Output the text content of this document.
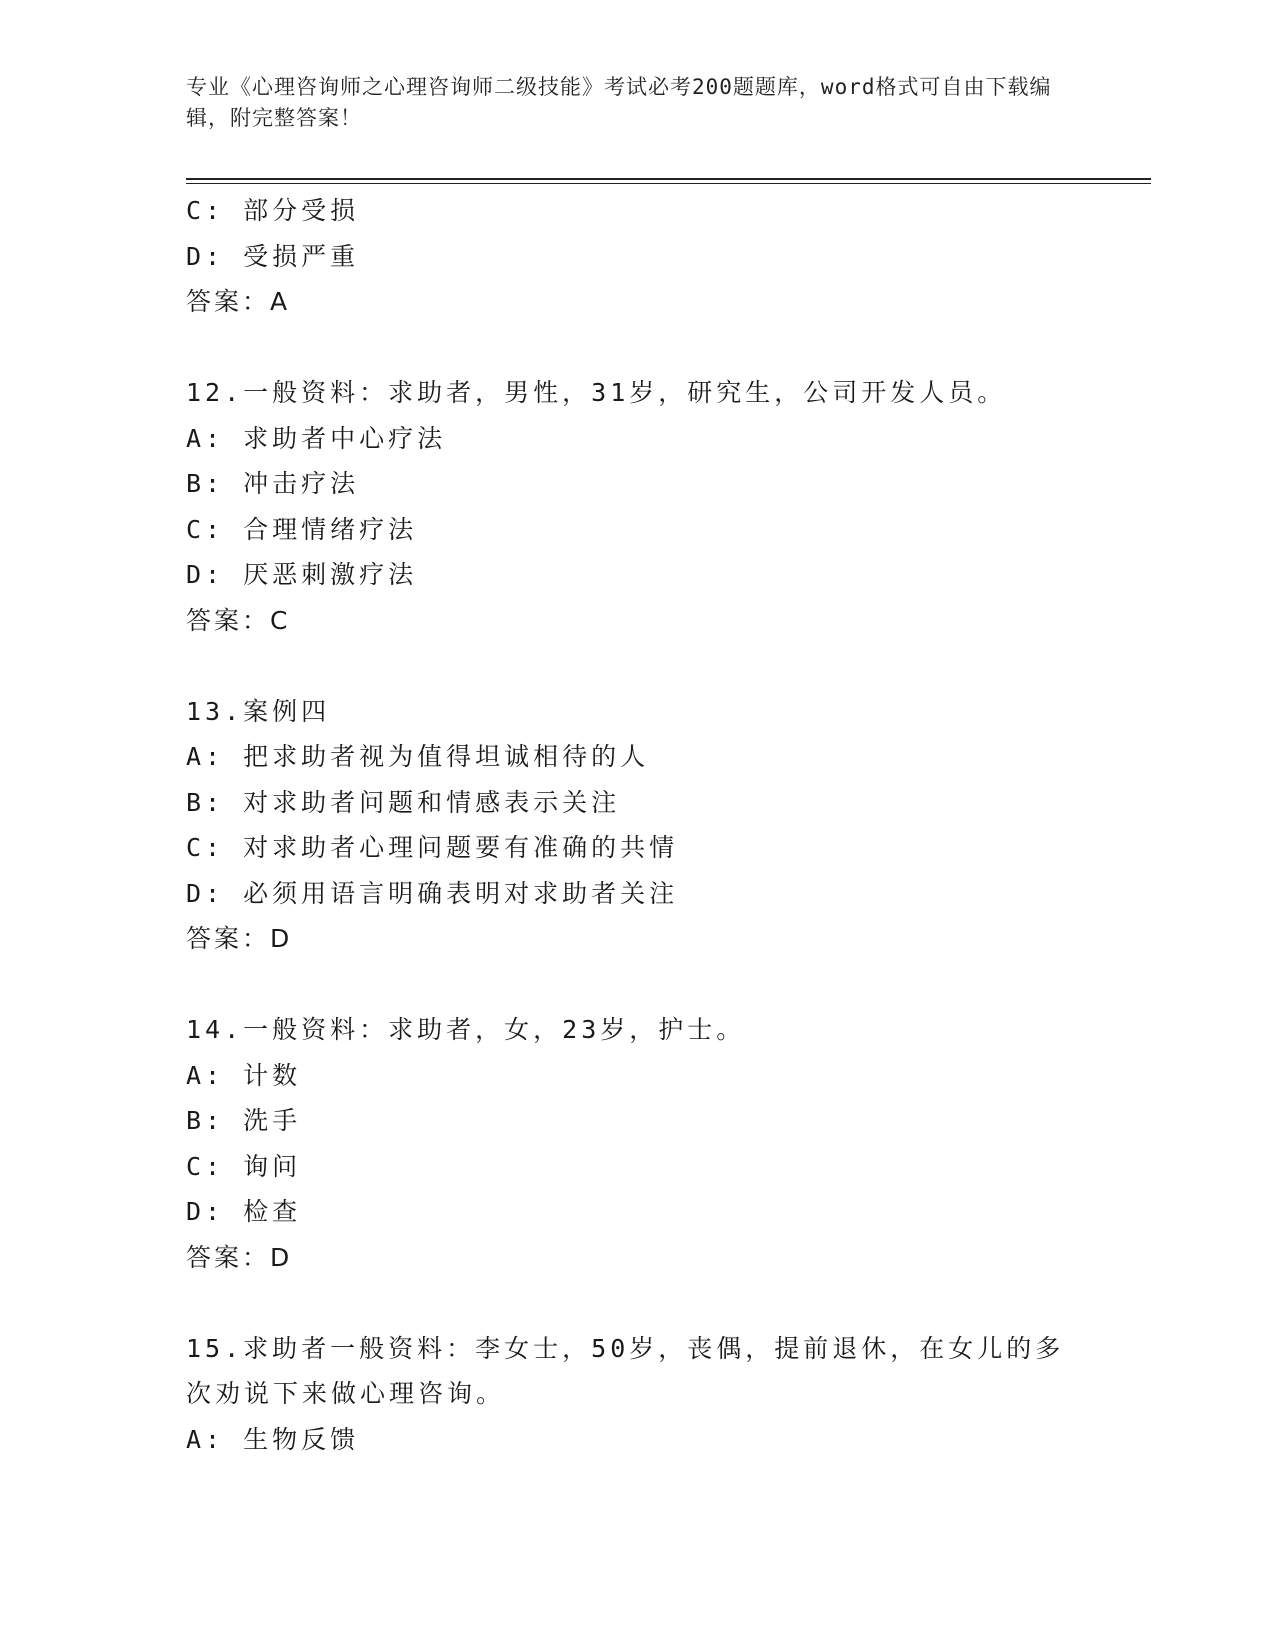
专业《心理咨询师之心理咨询师二级技能》考试必考200题题库，word格式可自由下载编辑，附完整答案！
C: 部分受损
D: 受损严重
答案：A
12.一般资料：求助者，男性，31岁，研究生，公司开发人员。
A: 求助者中心疗法
B: 冲击疗法
C: 合理情绪疗法
D: 厌恶刺激疗法
答案：C
13.案例四
A: 把求助者视为值得坦诚相待的人
B: 对求助者问题和情感表示关注
C: 对求助者心理问题要有准确的共情
D: 必须用语言明确表明对求助者关注
答案：D
14.一般资料：求助者，女，23岁，护士。
A: 计数
B: 洗手
C: 询问
D: 检查
答案：D
15.求助者一般资料：李女士，50岁，丧偶，提前退休，在女儿的多次劝说下来做心理咨询。
A: 生物反馈
